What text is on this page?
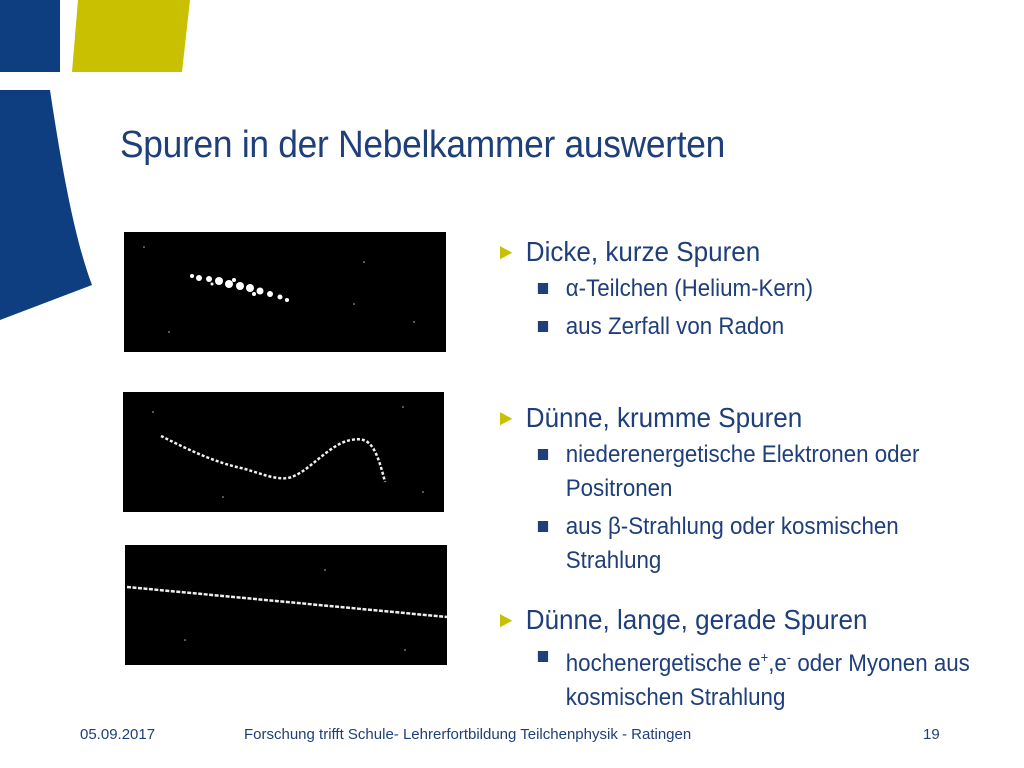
Spuren in der Nebelkammer auswerten
► Dicke, kurze Spuren
α-Teilchen (Helium-Kern)
aus Zerfall von Radon
► Dünne, krumme Spuren
niederenergetische Elektronen oder Positronen
aus β-Strahlung oder kosmischen Strahlung
► Dünne, lange, gerade Spuren
hochenergetische e+,e- oder Myonen aus kosmischen Strahlung
05.09.2017	Forschung trifft Schule- Lehrerfortbildung Teilchenphysik - Ratingen	19
